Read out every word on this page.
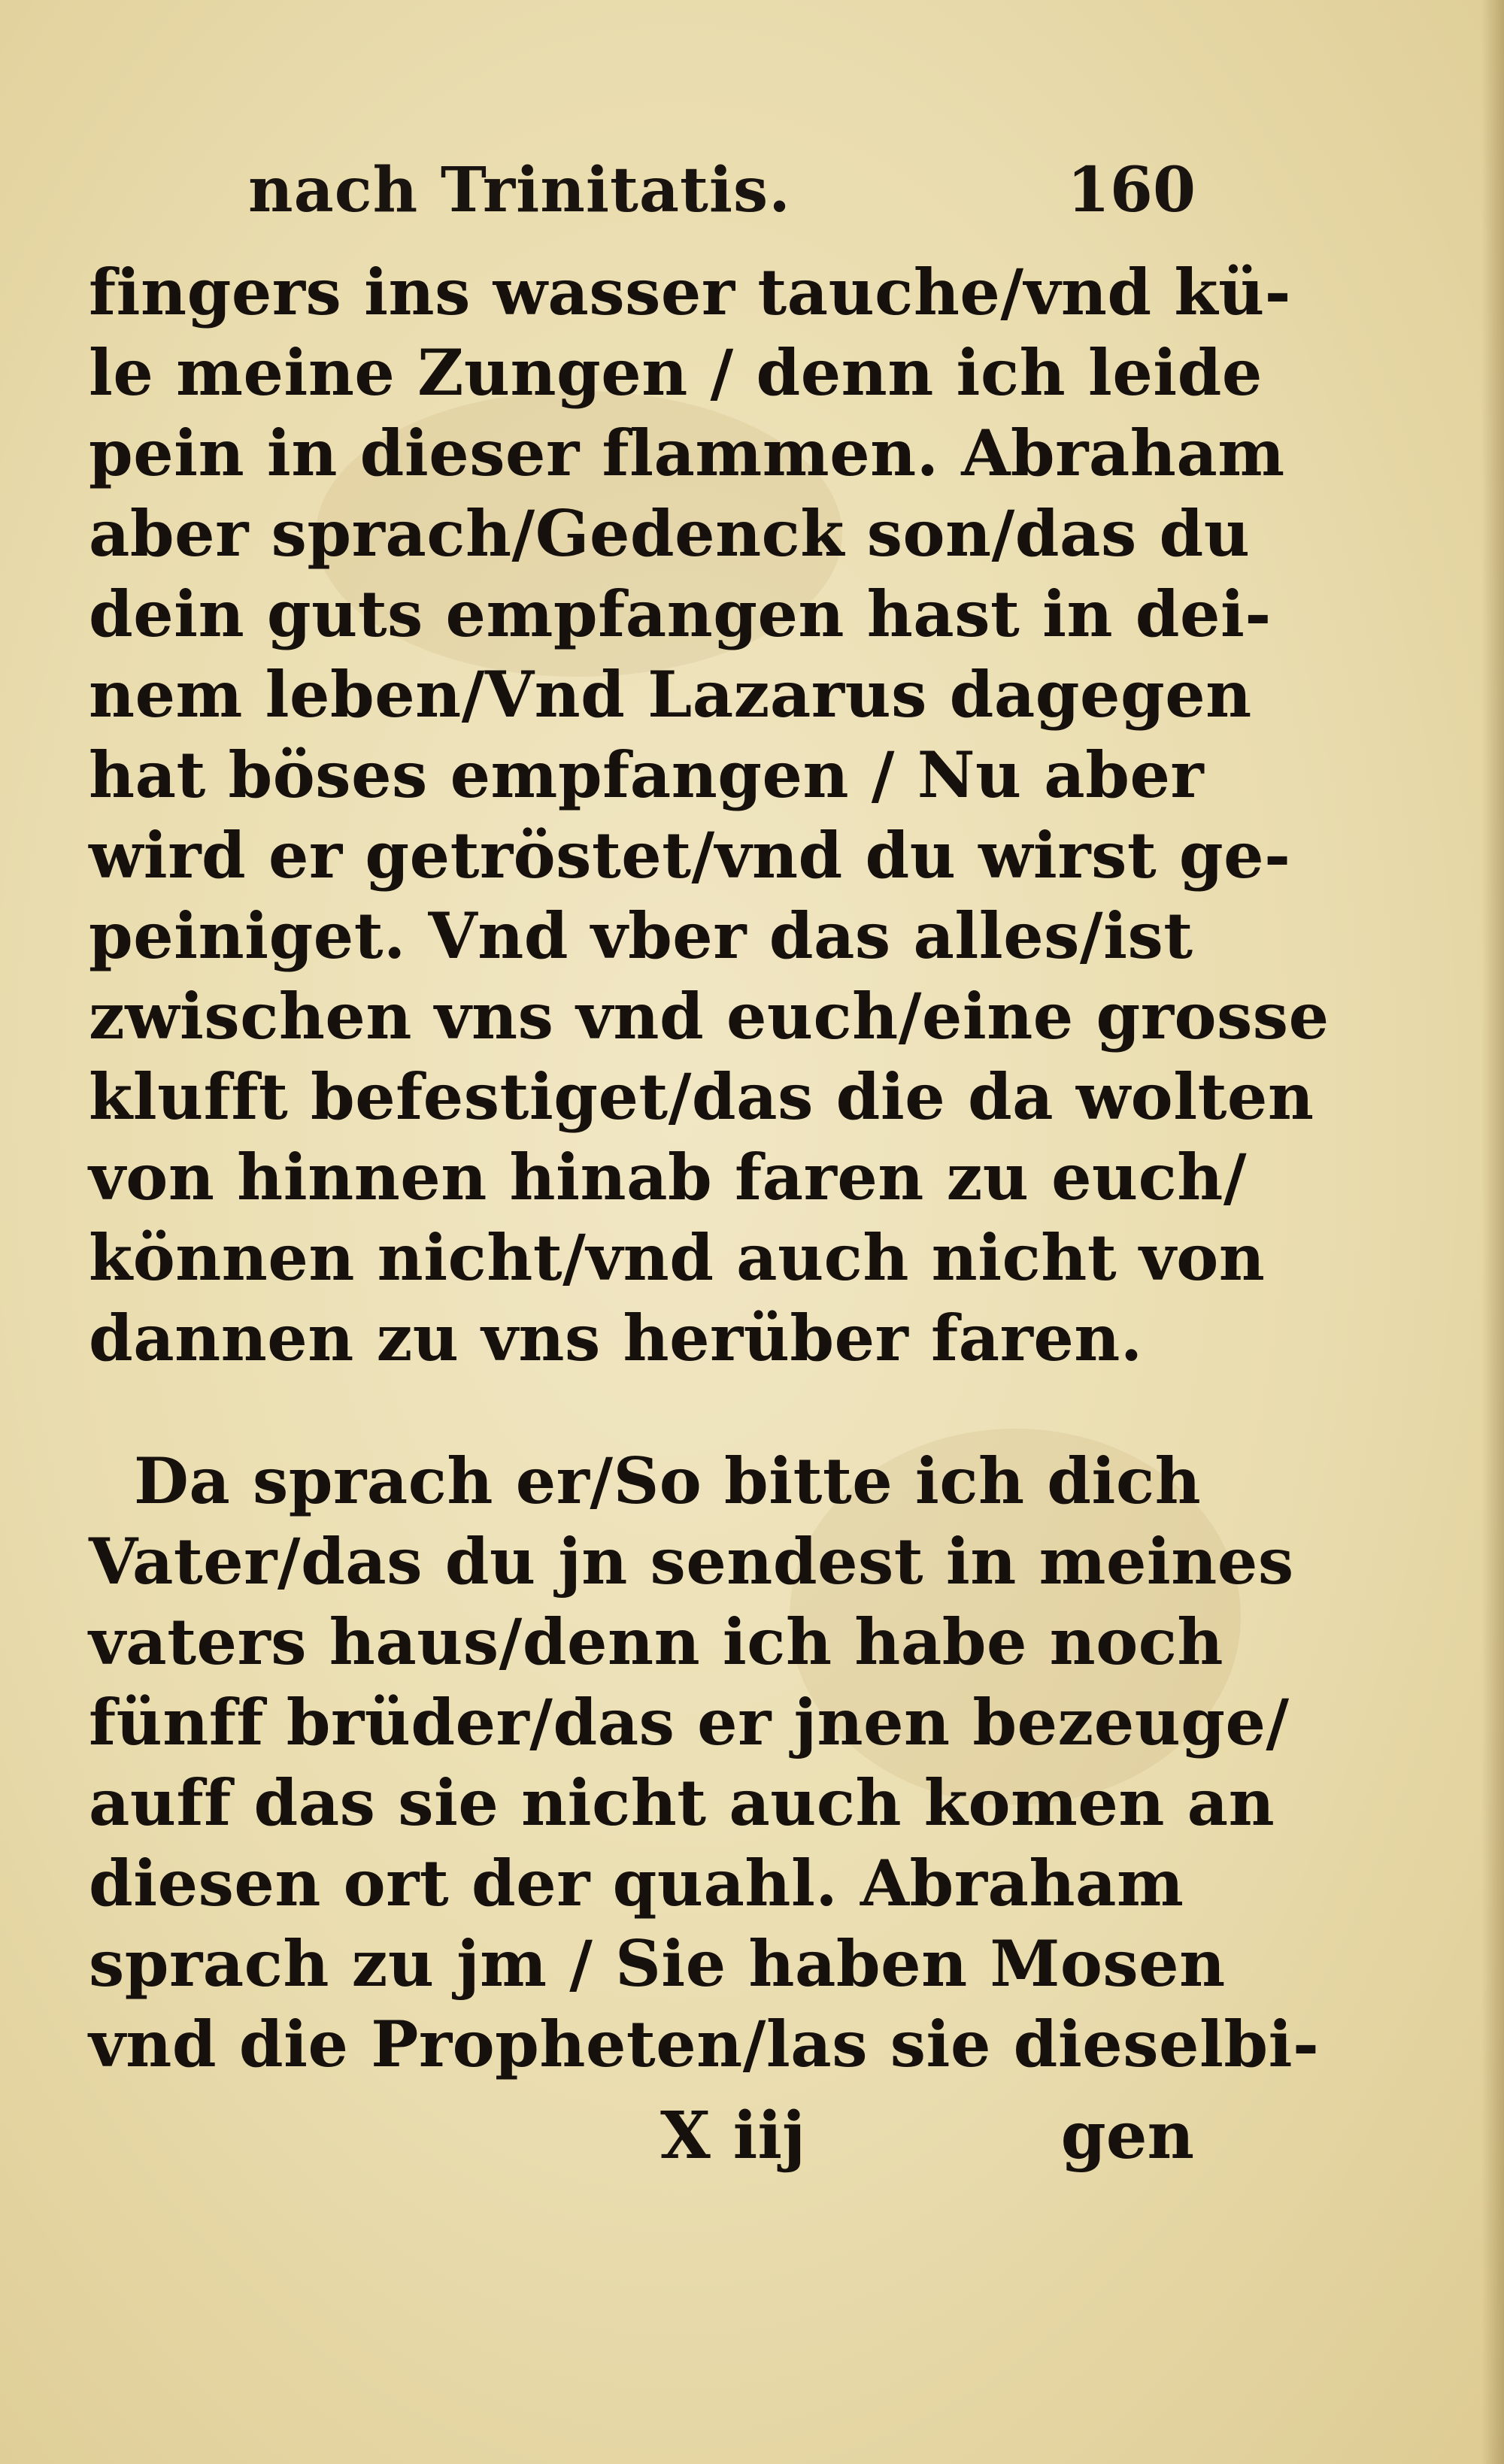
nach Trinitatis.	160
fingers ins wasser tauche/vnd kü-
le meine Zungen / denn ich leide
pein in dieser flammen. Abraham
aber sprach/Gedenck son/das du
dein guts empfangen hast in dei-
nem leben/Vnd Lazarus dagegen
hat böses empfangen / Nu aber
wird er getröstet/vnd du wirst ge-
peiniget. Vnd vber das alles/ist
zwischen vns vnd euch/eine grosse
klufft befestiget/das die da wolten
von hinnen hinab faren zu euch/
können nicht/vnd auch nicht von
dannen zu vns herüber faren.
Da sprach er/So bitte ich dich
Vater/das du jn sendest in meines
vaters haus/denn ich habe noch
fünff brüder/das er jnen bezeuge/
auff das sie nicht auch komen an
diesen ort der quahl. Abraham
sprach zu jm / Sie haben Mosen
vnd die Propheten/las sie dieselbi-
X iij	gen
